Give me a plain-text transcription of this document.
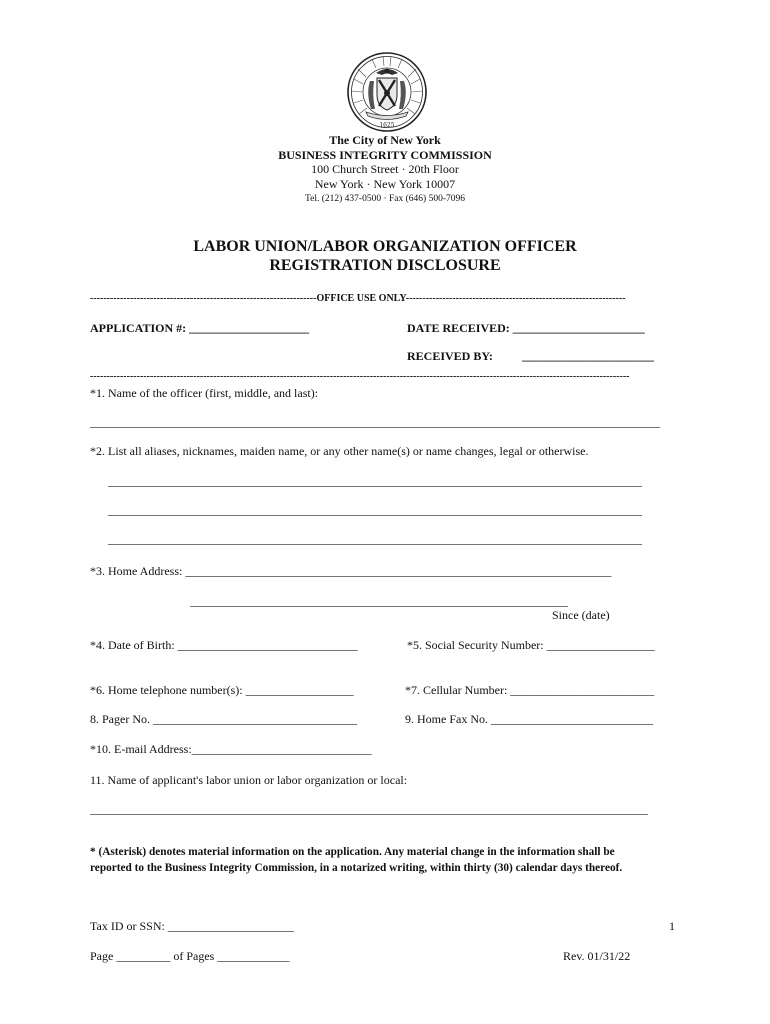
1625
The City of New York
BUSINESS INTEGRITY COMMISSION
100 Church Street · 20th Floor
New York · New York 10007
Tel. (212) 437-0500 · Fax (646) 500-7096
LABOR UNION/LABOR ORGANIZATION OFFICER
REGISTRATION DISCLOSURE
--------------------------------------------------------------------OFFICE USE ONLY------------------------------------------------------------------
APPLICATION #: ____________________	DATE RECEIVED: ______________________
RECEIVED BY: ______________________
------------------------------------------------------------------------------------------------------------------------------------------------------------------
*1. Name of the officer (first, middle, and last):
_______________________________________________________________________________________________
*2. List all aliases, nicknames, maiden name, or any other name(s) or name changes, legal or otherwise.
_________________________________________________________________________________________
_________________________________________________________________________________________
_________________________________________________________________________________________
*3. Home Address: _______________________________________________________________________
_______________________________________________________________
Since (date)
*4. Date of Birth: ______________________________	*5. Social Security Number: __________________
*6. Home telephone number(s): __________________	*7. Cellular Number: ________________________
8. Pager No. __________________________________	9. Home Fax No. ___________________________
*10. E-mail Address:______________________________
11. Name of applicant's labor union or labor organization or local:
_____________________________________________________________________________________________
* (Asterisk) denotes material information on the application. Any material change in the information shall be
reported to the Business Integrity Commission, in a notarized writing, within thirty (30) calendar days thereof.
Tax ID or SSN: _____________________	1
Page _________ of Pages ____________	Rev. 01/31/22
